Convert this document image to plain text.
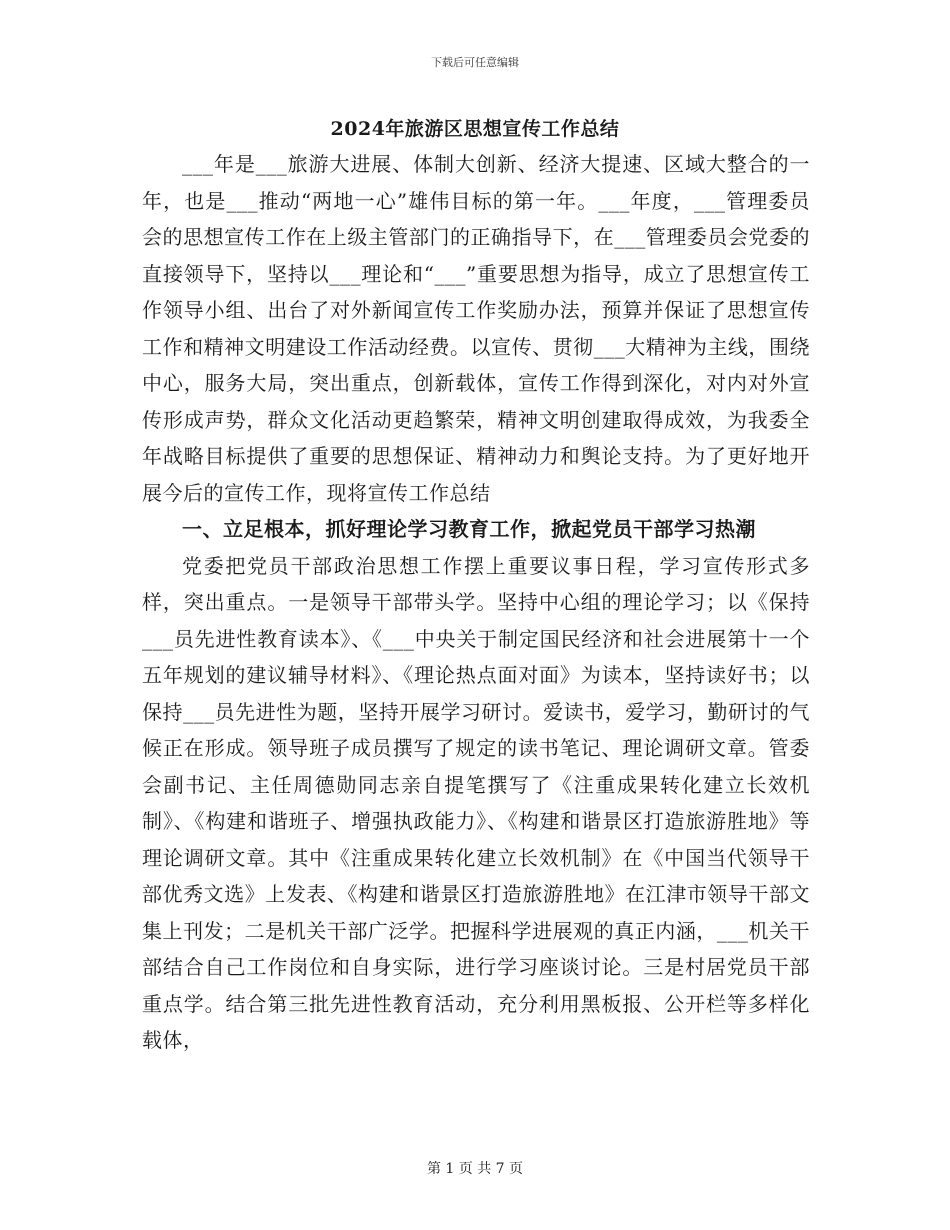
下载后可任意编辑
2024年旅游区思想宣传工作总结

___年是___旅游大进展、体制大创新、经济大提速、区域大整合的一年，也是___推动“两地一心”雄伟目标的第一年。___年度，___管理委员会的思想宣传工作在上级主管部门的正确指导下，在___管理委员会党委的直接领导下，坚持以___理论和“___”重要思想为指导，成立了思想宣传工作领导小组、出台了对外新闻宣传工作奖励办法，预算并保证了思想宣传工作和精神文明建设工作活动经费。以宣传、贯彻___大精神为主线，围绕中心，服务大局，突出重点，创新载体，宣传工作得到深化，对内对外宣传形成声势，群众文化活动更趋繁荣，精神文明创建取得成效，为我委全年战略目标提供了重要的思想保证、精神动力和舆论支持。为了更好地开展今后的宣传工作，现将宣传工作总结

一、立足根本，抓好理论学习教育工作，掀起党员干部学习热潮

党委把党员干部政治思想工作摆上重要议事日程，学习宣传形式多样，突出重点。一是领导干部带头学。坚持中心组的理论学习；以《保持___员先进性教育读本》、《___中央关于制定国民经济和社会进展第十一个五年规划的建议辅导材料》、《理论热点面对面》为读本，坚持读好书；以保持___员先进性为题，坚持开展学习研讨。爱读书，爱学习，勤研讨的气候正在形成。领导班子成员撰写了规定的读书笔记、理论调研文章。管委会副书记、主任周德勋同志亲自提笔撰写了《注重成果转化建立长效机制》、《构建和谐班子、增强执政能力》、《构建和谐景区打造旅游胜地》等理论调研文章。其中《注重成果转化建立长效机制》在《中国当代领导干部优秀文选》上发表、《构建和谐景区打造旅游胜地》在江津市领导干部文集上刊发；二是机关干部广泛学。把握科学进展观的真正内涵，___机关干部结合自己工作岗位和自身实际，进行学习座谈讨论。三是村居党员干部重点学。结合第三批先进性教育活动，充分利用黑板报、公开栏等多样化载体，

第 1 页 共 7 页
